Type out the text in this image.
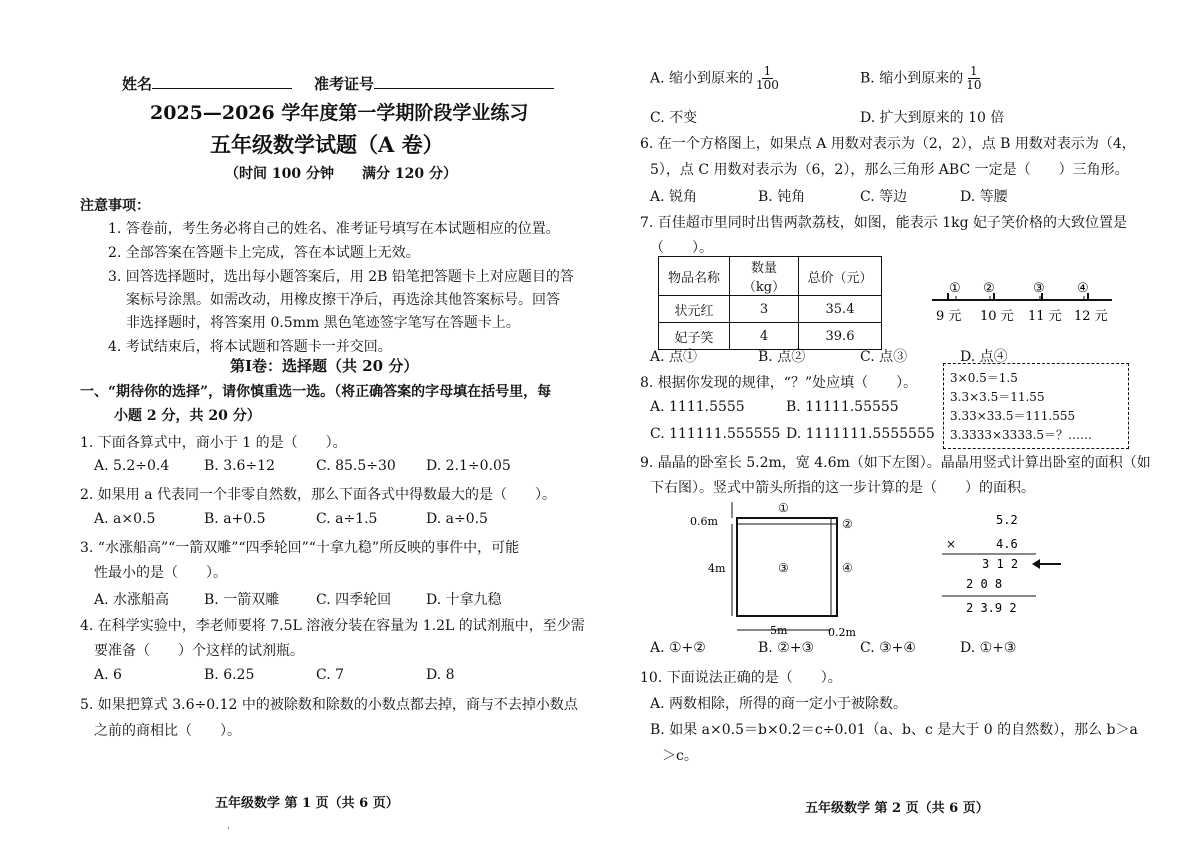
姓名	准考证号
2025—2026 学年度第一学期阶段学业练习
五年级数学试题（A 卷）
（时间 100 分钟　　满分 120 分）
注意事项：
1. 答卷前，考生务必将自己的姓名、准考证号填写在本试题相应的位置。
2. 全部答案在答题卡上完成，答在本试题上无效。
3. 回答选择题时，选出每小题答案后，用 2B 铅笔把答题卡上对应题目的答
案标号涂黑。如需改动，用橡皮擦干净后，再选涂其他答案标号。回答
非选择题时，将答案用 0.5mm 黑色笔迹签字笔写在答题卡上。
4. 考试结束后，将本试题和答题卡一并交回。
第Ⅰ卷：选择题（共 20 分）
一、“期待你的选择”，请你慎重选一选。（将正确答案的字母填在括号里，每
小题 2 分，共 20 分）
1. 下面各算式中，商小于 1 的是（　　）。
A. 5.2÷0.4	B. 3.6÷12	C. 85.5÷30	D. 2.1÷0.05
2. 如果用 a 代表同一个非零自然数，那么下面各式中得数最大的是（　　）。
A. a×0.5	B. a+0.5	C. a÷1.5	D. a÷0.5
3. “水涨船高”“一箭双雕”“四季轮回”“十拿九稳”所反映的事件中，可能
性最小的是（　　）。
A. 水涨船高	B. 一箭双雕	C. 四季轮回	D. 十拿九稳
4. 在科学实验中，李老师要将 7.5L 溶液分装在容量为 1.2L 的试剂瓶中，至少需
要准备（　　）个这样的试剂瓶。
A. 6	B. 6.25	C. 7	D. 8
5. 如果把算式 3.6÷0.12 中的被除数和除数的小数点都去掉，商与不去掉小数点
之前的商相比（　　）。
五年级数学 第 1 页（共 6 页）
'
A. 缩小到原来的 $\frac{1}{100}$	B. 缩小到原来的 $\frac{1}{10}$
C. 不变	D. 扩大到原来的 10 倍
6. 在一个方格图上，如果点 A 用数对表示为（2，2），点 B 用数对表示为（4，
5），点 C 用数对表示为（6，2），那么三角形 ABC 一定是（　　）三角形。
A. 锐角	B. 钝角	C. 等边	D. 等腰
7. 百佳超市里同时出售两款荔枝，如图，能表示 1kg 妃子笑价格的大致位置是
（　　）。
物品名称	数量（kg）	总价（元）
状元红	3	35.4
妃子笑	4	39.6
① ②	③ ④
9 元 10 元 11 元 12 元
A. 点①	B. 点②	C. 点③	D. 点④
8. 根据你发现的规律，“？”处应填（　　）。
A. 1111.5555	B. 11111.55555
C. 111111.555555 D. 1111111.5555555
3×0.5＝1.5
3.3×3.5＝11.55
3.33×33.5＝111.555
3.3333×3333.5＝？……
9. 晶晶的卧室长 5.2m，宽 4.6m（如下左图）。晶晶用竖式计算出卧室的面积（如
下右图）。竖式中箭头所指的这一步计算的是（　　）的面积。
0.6m
4m
5m	0.2m
①
②
③	④
5.2
×	4.6
3 1 2
2 0 8
2 3.9 2
A. ①+②	B. ②+③	C. ③+④	D. ①+③
10. 下面说法正确的是（　　）。
A. 两数相除，所得的商一定小于被除数。
B. 如果 a×0.5＝b×0.2＝c÷0.01（a、b、c 是大于 0 的自然数），那么 b＞a
＞c。
五年级数学 第 2 页（共 6 页）
